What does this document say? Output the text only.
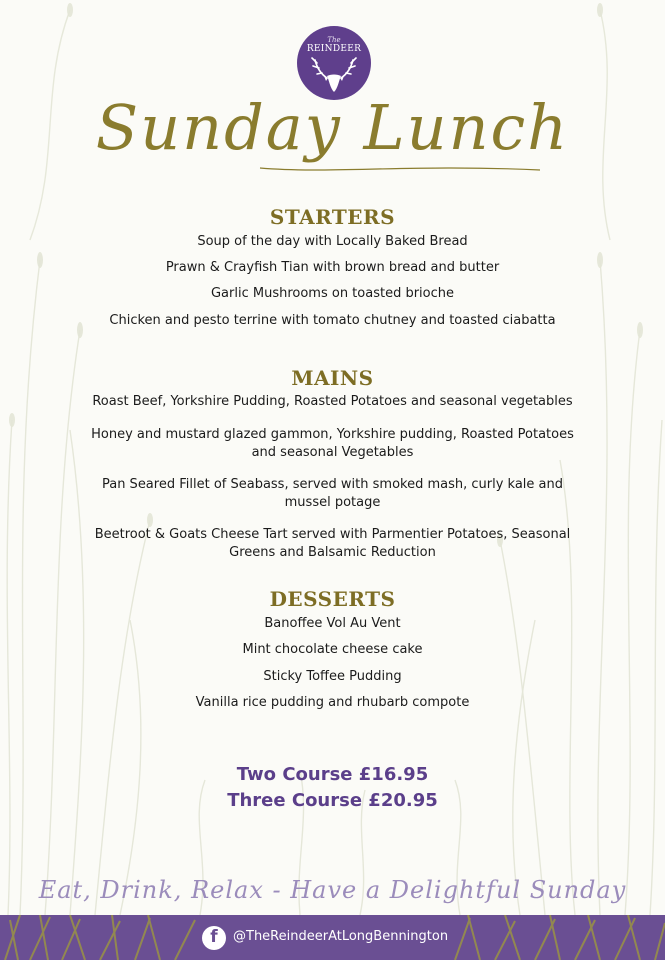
The
REINDEER
Sunday Lunch
STARTERS
Soup of the day with Locally Baked Bread
Prawn & Crayfish Tian with brown bread and butter
Garlic Mushrooms on toasted brioche
Chicken and pesto terrine with tomato chutney and toasted ciabatta
MAINS
Roast Beef, Yorkshire Pudding, Roasted Potatoes and seasonal vegetables
Honey and mustard glazed gammon, Yorkshire pudding, Roasted Potatoes and seasonal Vegetables
Pan Seared Fillet of Seabass, served with smoked mash, curly kale and mussel potage
Beetroot & Goats Cheese Tart served with Parmentier Potatoes, Seasonal Greens and Balsamic Reduction
DESSERTS
Banoffee Vol Au Vent
Mint chocolate cheese cake
Sticky Toffee Pudding
Vanilla rice pudding and rhubarb compote
Two Course £16.95
Three Course £20.95
Eat, Drink, Relax - Have a Delightful Sunday
f	@TheReindeerAtLongBennington
